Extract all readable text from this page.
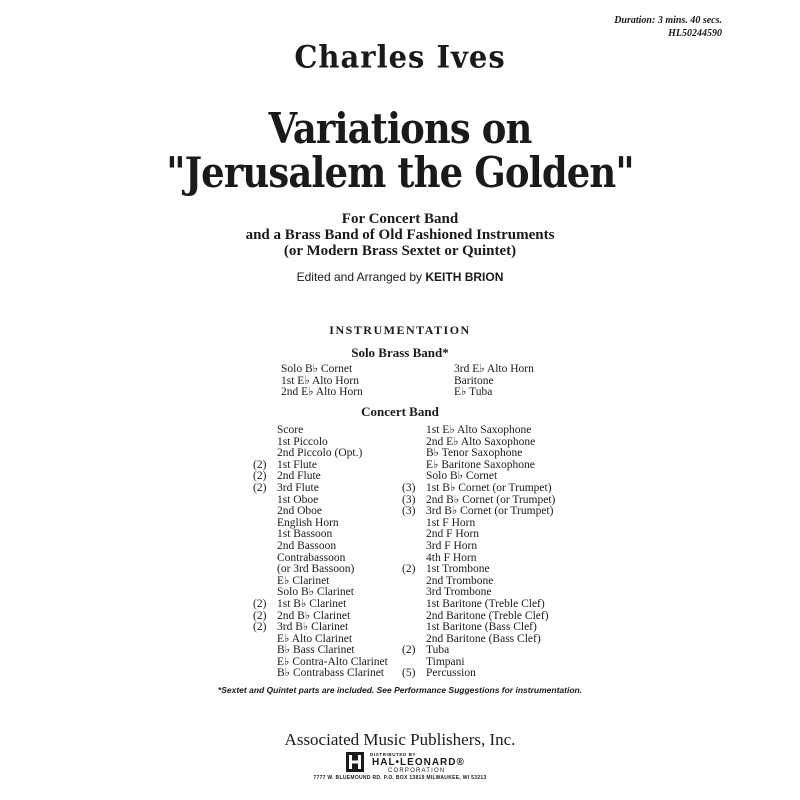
Duration: 3 mins. 40 secs.
HL50244590
Charles Ives
Variations on
"Jerusalem the Golden"
For Concert Band
and a Brass Band of Old Fashioned Instruments
(or Modern Brass Sextet or Quintet)
Edited and Arranged by KEITH BRION
INSTRUMENTATION
Solo Brass Band*
Solo B♭ Cornet
1st E♭ Alto Horn
2nd E♭ Alto Horn
3rd E♭ Alto Horn
Baritone
E♭ Tuba
Concert Band
Score
1st Piccolo
2nd Piccolo (Opt.)
(2) 1st Flute
(2) 2nd Flute
(2) 3rd Flute
1st Oboe
2nd Oboe
English Horn
1st Bassoon
2nd Bassoon
Contrabassoon
(or 3rd Bassoon)
E♭ Clarinet
Solo B♭ Clarinet
(2) 1st B♭ Clarinet
(2) 2nd B♭ Clarinet
(2) 3rd B♭ Clarinet
E♭ Alto Clarinet
B♭ Bass Clarinet
E♭ Contra-Alto Clarinet
B♭ Contrabass Clarinet
1st E♭ Alto Saxophone
2nd E♭ Alto Saxophone
B♭ Tenor Saxophone
E♭ Baritone Saxophone
Solo B♭ Cornet
(3) 1st B♭ Cornet (or Trumpet)
(3) 2nd B♭ Cornet (or Trumpet)
(3) 3rd B♭ Cornet (or Trumpet)
1st F Horn
2nd F Horn
3rd F Horn
4th F Horn
(2) 1st Trombone
2nd Trombone
3rd Trombone
1st Baritone (Treble Clef)
2nd Baritone (Treble Clef)
1st Baritone (Bass Clef)
2nd Baritone (Bass Clef)
(2) Tuba
Timpani
(5) Percussion
*Sextet and Quintet parts are included. See Performance Suggestions for instrumentation.
Associated Music Publishers, Inc.
DISTRIBUTED BY
HAL•LEONARD®
CORPORATION
7777 W. BLUEMOUND RD. P.O. BOX 13819 MILWAUKEE, WI 53213
